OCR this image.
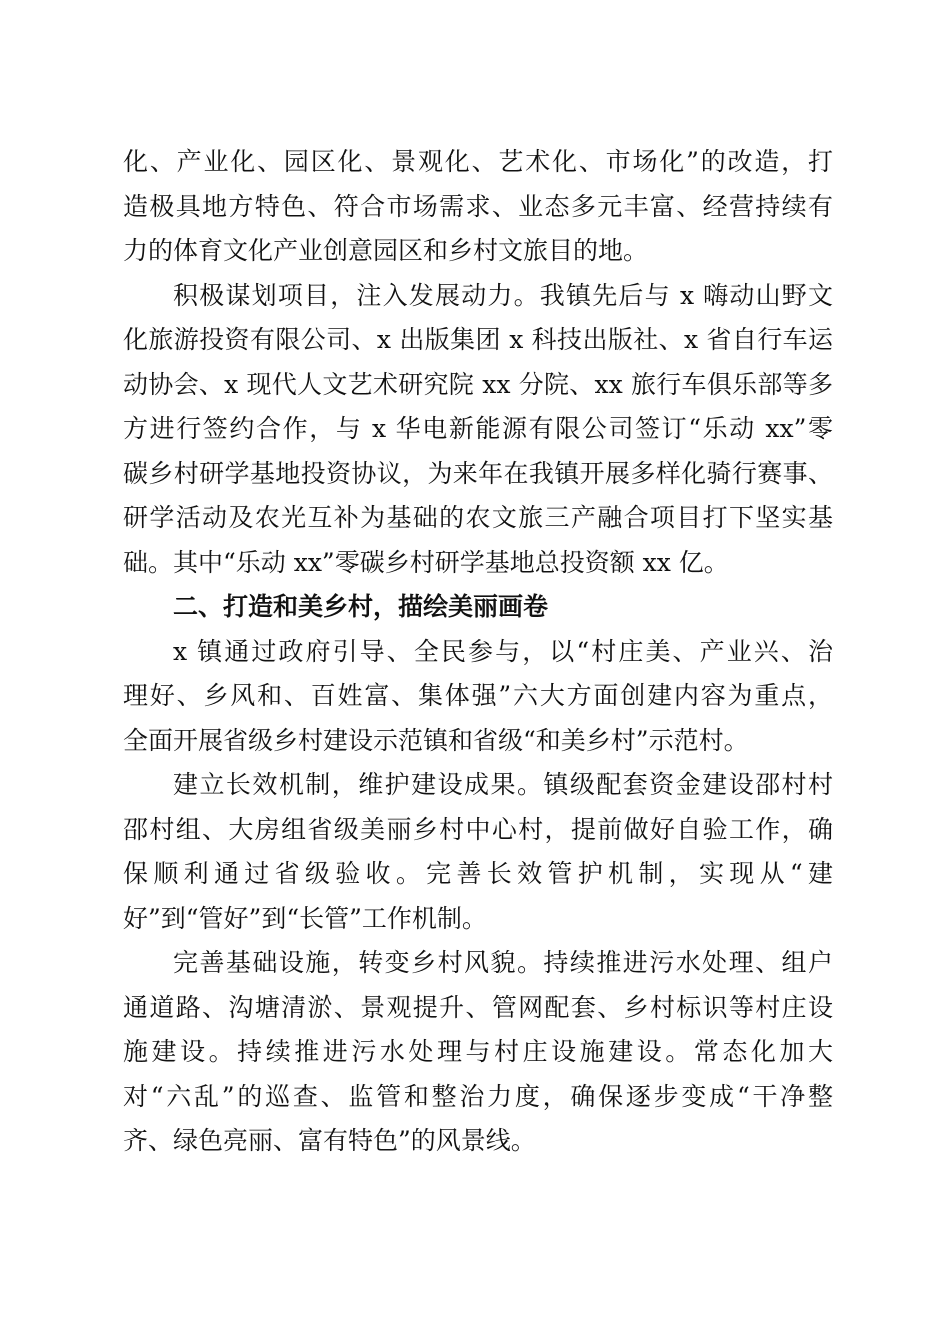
化、产业化、园区化、景观化、艺术化、市场化”的改造，打
造极具地方特色、符合市场需求、业态多元丰富、经营持续有
力的体育文化产业创意园区和乡村文旅目的地。
积极谋划项目，注入发展动力。我镇先后与 x 嗨动山野文
化旅游投资有限公司、x 出版集团 x 科技出版社、x 省自行车运
动协会、x 现代人文艺术研究院 xx 分院、xx 旅行车俱乐部等多
方进行签约合作，与 x 华电新能源有限公司签订“乐动 xx”零
碳乡村研学基地投资协议，为来年在我镇开展多样化骑行赛事、
研学活动及农光互补为基础的农文旅三产融合项目打下坚实基
础。其中“乐动 xx”零碳乡村研学基地总投资额 xx 亿。
二、打造和美乡村，描绘美丽画卷
x 镇通过政府引导、全民参与，以“村庄美、产业兴、治
理好、乡风和、百姓富、集体强”六大方面创建内容为重点，
全面开展省级乡村建设示范镇和省级“和美乡村”示范村。
建立长效机制，维护建设成果。镇级配套资金建设邵村村
邵村组、大房组省级美丽乡村中心村，提前做好自验工作，确
保顺利通过省级验收。完善长效管护机制，实现从“建
好”到“管好”到“长管”工作机制。
完善基础设施，转变乡村风貌。持续推进污水处理、组户
通道路、沟塘清淤、景观提升、管网配套、乡村标识等村庄设
施建设。持续推进污水处理与村庄设施建设。常态化加大
对“六乱”的巡查、监管和整治力度，确保逐步变成“干净整
齐、绿色亮丽、富有特色”的风景线。
